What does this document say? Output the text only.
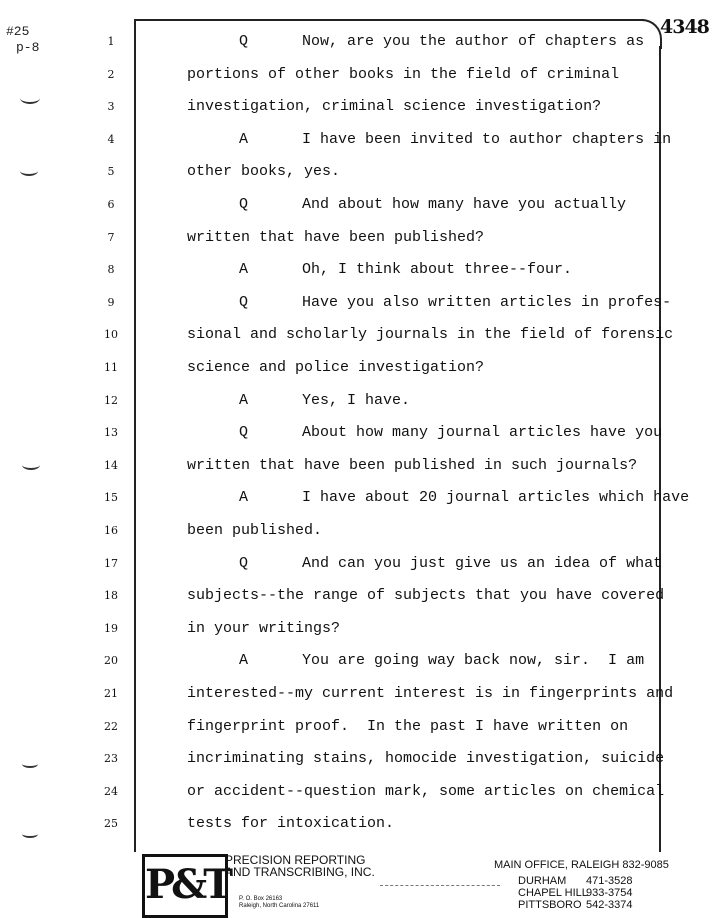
#25
p-8
4348
1	Q      Now, are you the author of chapters as
2	portions of other books in the field of criminal
3	investigation, criminal science investigation?
4	A      I have been invited to author chapters in
5	other books, yes.
6	Q      And about how many have you actually
7	written that have been published?
8	A      Oh, I think about three--four.
9	Q      Have you also written articles in profes-
10	sional and scholarly journals in the field of forensic
11	science and police investigation?
12	A      Yes, I have.
13	Q      About how many journal articles have you
14	written that have been published in such journals?
15	A      I have about 20 journal articles which have
16	been published.
17	Q      And can you just give us an idea of what
18	subjects--the range of subjects that you have covered
19	in your writings?
20	A      You are going way back now, sir.  I am
21	interested--my current interest is in fingerprints and
22	fingerprint proof.  In the past I have written on
23	incriminating stains, homocide investigation, suicide
24	or accident--question mark, some articles on chemical
25	tests for intoxication.
P&T
PRECISION REPORTING
AND TRANSCRIBING, INC.
P. O. Box 26163
Raleigh, North Carolina 27611
MAIN OFFICE, RALEIGH 832-9085
DURHAM	471-3528
CHAPEL HILL
933-3754
PITTSBORO 542-3374
